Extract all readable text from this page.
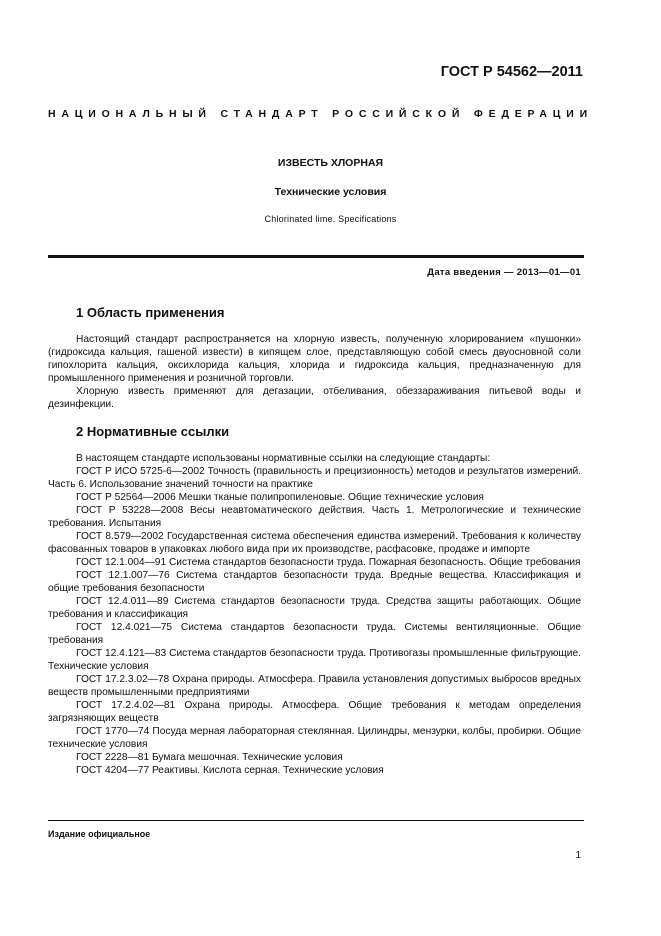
ГОСТ Р 54562—2011
НАЦИОНАЛЬНЫЙ СТАНДАРТ РОССИЙСКОЙ ФЕДЕРАЦИИ
ИЗВЕСТЬ ХЛОРНАЯ
Технические условия
Chlorinated lime. Specifications
Дата введения — 2013—01—01
1 Область применения

Настоящий стандарт распространяется на хлорную известь, полученную хлорированием «пушонки» (гидроксида кальция, гашеной извести) в кипящем слое, представляющую собой смесь двуосновной соли гипохлорита кальция, оксихлорида кальция, хлорида и гидроксида кальция, предназначенную для промышленного применения и розничной торговли.

Хлорную известь применяют для дегазации, отбеливания, обеззараживания питьевой воды и дезинфекции.

2 Нормативные ссылки

В настоящем стандарте использованы нормативные ссылки на следующие стандарты:

ГОСТ Р ИСО 5725-6—2002 Точность (правильность и прецизионность) методов и результатов измерений. Часть 6. Использование значений точности на практике

ГОСТ Р 52564—2006 Мешки тканые полипропиленовые. Общие технические условия

ГОСТ Р 53228—2008 Весы неавтоматического действия. Часть 1. Метрологические и технические требования. Испытания

ГОСТ 8.579—2002 Государственная система обеспечения единства измерений. Требования к количеству фасованных товаров в упаковках любого вида при их производстве, расфасовке, продаже и импорте

ГОСТ 12.1.004—91 Система стандартов безопасности труда. Пожарная безопасность. Общие требования

ГОСТ 12.1.007—76 Система стандартов безопасности труда. Вредные вещества. Классификация и общие требования безопасности

ГОСТ 12.4.011—89 Система стандартов безопасности труда. Средства защиты работающих. Общие требования и классификация

ГОСТ 12.4.021—75 Система стандартов безопасности труда. Системы вентиляционные. Общие требования

ГОСТ 12.4.121—83 Система стандартов безопасности труда. Противогазы промышленные фильтрующие. Технические условия

ГОСТ 17.2.3.02—78 Охрана природы. Атмосфера. Правила установления допустимых выбросов вредных веществ промышленными предприятиями

ГОСТ 17.2.4.02—81 Охрана природы. Атмосфера. Общие требования к методам определения загрязняющих веществ

ГОСТ 1770—74 Посуда мерная лабораторная стеклянная. Цилиндры, мензурки, колбы, пробирки. Общие технические условия

ГОСТ 2228—81 Бумага мешочная. Технические условия

ГОСТ 4204—77 Реактивы. Кислота серная. Технические условия

Издание официальное
1
